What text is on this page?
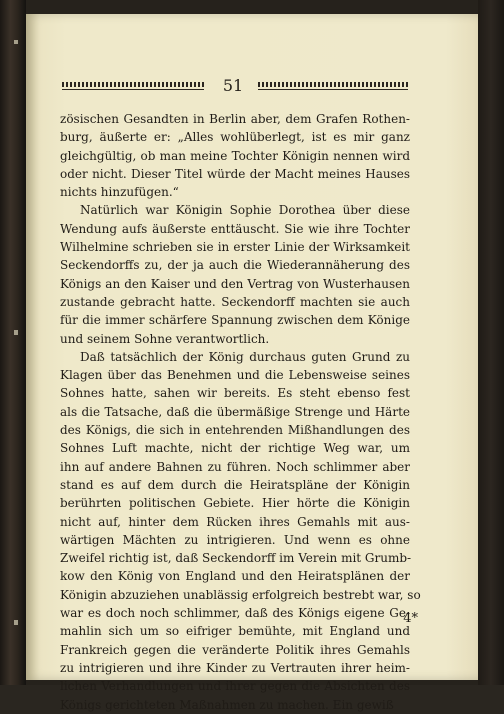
51
zösischen Gesandten in Berlin aber, dem Grafen Rothen-
burg, äußerte er: „Alles wohlüberlegt, ist es mir ganz
gleichgültig, ob man meine Tochter Königin nennen wird
oder nicht. Dieser Titel würde der Macht meines Hauses
nichts hinzufügen.“
Natürlich war Königin Sophie Dorothea über diese
Wendung aufs äußerste enttäuscht. Sie wie ihre Tochter
Wilhelmine schrieben sie in erster Linie der Wirksamkeit
Seckendorffs zu, der ja auch die Wiederannäherung des
Königs an den Kaiser und den Vertrag von Wusterhausen
zustande gebracht hatte. Seckendorff machten sie auch
für die immer schärfere Spannung zwischen dem Könige
und seinem Sohne verantwortlich.
Daß tatsächlich der König durchaus guten Grund zu
Klagen über das Benehmen und die Lebensweise seines
Sohnes hatte, sahen wir bereits. Es steht ebenso fest
als die Tatsache, daß die übermäßige Strenge und Härte
des Königs, die sich in entehrenden Mißhandlungen des
Sohnes Luft machte, nicht der richtige Weg war, um
ihn auf andere Bahnen zu führen. Noch schlimmer aber
stand es auf dem durch die Heiratspläne der Königin
berührten politischen Gebiete. Hier hörte die Königin
nicht auf, hinter dem Rücken ihres Gemahls mit aus-
wärtigen Mächten zu intrigieren. Und wenn es ohne
Zweifel richtig ist, daß Seckendorff im Verein mit Grumb-
kow den König von England und den Heiratsplänen der
Königin abzuziehen unablässig erfolgreich bestrebt war, so
war es doch noch schlimmer, daß des Königs eigene Ge-
mahlin sich um so eifriger bemühte, mit England und
Frankreich gegen die veränderte Politik ihres Gemahls
zu intrigieren und ihre Kinder zu Vertrauten ihrer heim-
lichen Verhandlungen und ihrer gegen die Absichten des
Königs gerichteten Maßnahmen zu machen. Ein gewiß
4*
